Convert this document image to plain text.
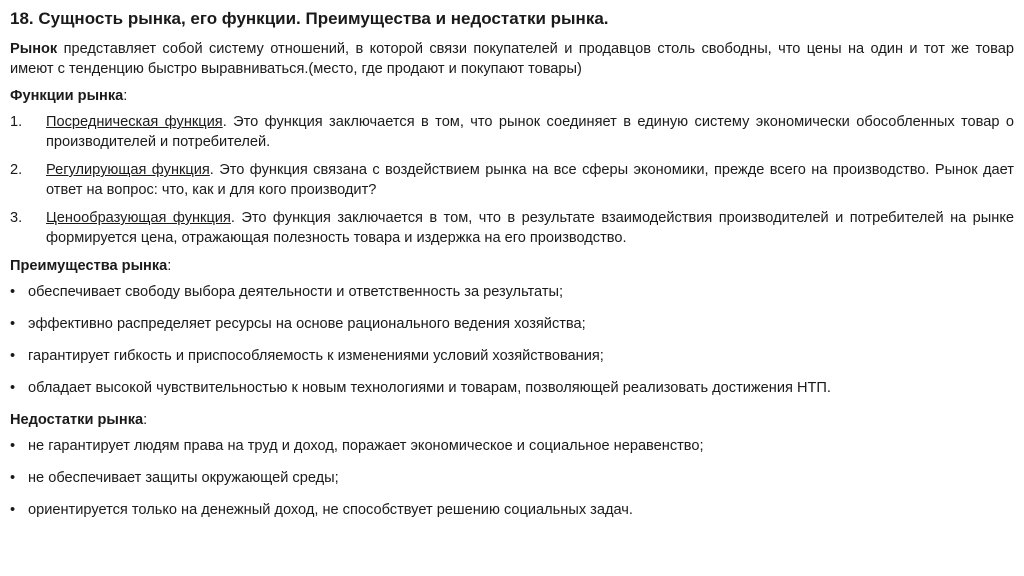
18. Сущность рынка, его функции. Преимущества и недостатки рынка.

Рынок представляет собой систему отношений, в которой связи покупателей и продавцов столь свободны, что цены на один и тот же товар имеют с тенденцию быстро выравниваться.(место, где продают и покупают товары)

Функции рынка:
1. Посредническая функция. Это функция заключается в том, что рынок соединяет в единую систему экономически обособленных товар о производителей и потребителей.
2. Регулирующая функция. Это функция связана с воздействием рынка на все сферы экономики, прежде всего на производство. Рынок дает ответ на вопрос: что, как и для кого производит?
3. Ценообразующая функция. Это функция заключается в том, что в результате взаимодействия производителей и потребителей на рынке формируется цена, отражающая полезность товара и издержка на его производство.
Преимущества рынка:
• обеспечивает свободу выбора деятельности и ответственность за результаты;
• эффективно распределяет ресурсы на основе рационального ведения хозяйства;
• гарантирует гибкость и приспособляемость к изменениями условий хозяйствования;
• обладает высокой чувствительностью к новым технологиями и товарам, позволяющей реализовать достижения НТП.
Недостатки рынка:
• не гарантирует людям права на труд и доход, поражает экономическое и социальное неравенство;
• не обеспечивает защиты окружающей среды;
• ориентируется только на денежный доход, не способствует решению социальных задач.
